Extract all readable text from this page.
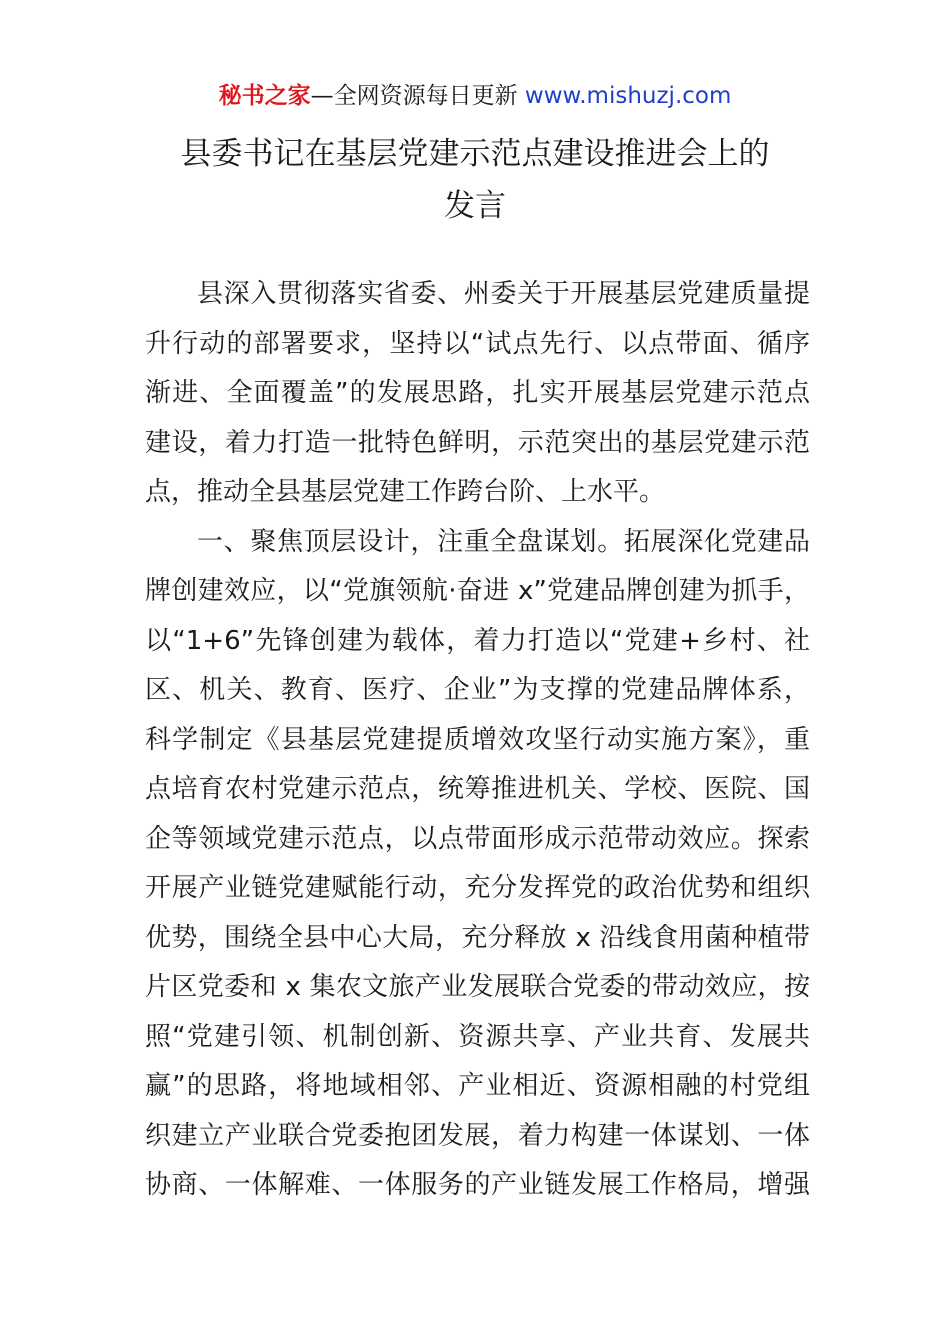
秘书之家—全网资源每日更新 www.mishuzj.com
县委书记在基层党建示范点建设推进会上的
发言
县深入贯彻落实省委、州委关于开展基层党建质量提
升行动的部署要求，坚持以“试点先行、以点带面、循序
渐进、全面覆盖”的发展思路，扎实开展基层党建示范点
建设，着力打造一批特色鲜明，示范突出的基层党建示范
点，推动全县基层党建工作跨台阶、上水平。
一、聚焦顶层设计，注重全盘谋划。拓展深化党建品
牌创建效应，以“党旗领航·奋进 x”党建品牌创建为抓手，
以“1+6”先锋创建为载体，着力打造以“党建+乡村、社
区、机关、教育、医疗、企业”为支撑的党建品牌体系，
科学制定《县基层党建提质增效攻坚行动实施方案》，重
点培育农村党建示范点，统筹推进机关、学校、医院、国
企等领域党建示范点，以点带面形成示范带动效应。探索
开展产业链党建赋能行动，充分发挥党的政治优势和组织
优势，围绕全县中心大局，充分释放 x 沿线食用菌种植带
片区党委和 x 集农文旅产业发展联合党委的带动效应，按
照“党建引领、机制创新、资源共享、产业共育、发展共
赢”的思路，将地域相邻、产业相近、资源相融的村党组
织建立产业联合党委抱团发展，着力构建一体谋划、一体
协商、一体解难、一体服务的产业链发展工作格局，增强
